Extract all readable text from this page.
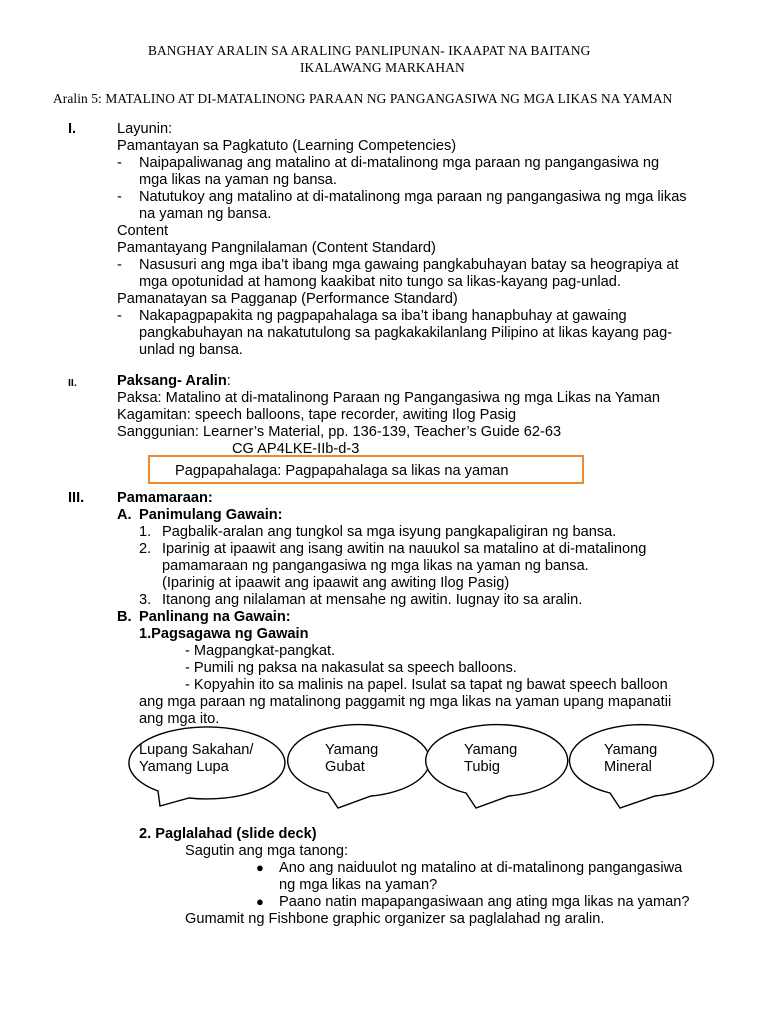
BANGHAY ARALIN SA ARALING PANLIPUNAN- IKAAPAT NA BAITANG
IKALAWANG MARKAHAN
Aralin 5: MATALINO AT DI-MATALINONG PARAAN NG PANGANGASIWA NG MGA LIKAS NA YAMAN
I.	Layunin:
Pamantayan sa Pagkatuto (Learning Competencies)
- Naipapaliwanag ang matalino at di-matalinong mga paraan ng pangangasiwa ng
mga likas na yaman ng bansa.
- Natutukoy ang matalino at di-matalinong mga paraan ng pangangasiwa ng mga likas
na yaman ng bansa.
Content
Pamantayang Pangnilalaman (Content Standard)
- Nasusuri ang mga iba’t ibang mga gawaing pangkabuhayan batay sa heograpiya at
mga opotunidad at hamong kaakibat nito tungo sa likas-kayang pag-unlad.
Pamanatayan sa Pagganap (Performance Standard)
- Nakapagpapakita ng pagpapahalaga sa iba’t ibang hanapbuhay at gawaing
pangkabuhayan na nakatutulong sa pagkakakilanlang Pilipino at likas kayang pag-
unlad ng bansa.
II.	Paksang- Aralin:
Paksa: Matalino at di-matalinong Paraan ng Pangangasiwa ng mga Likas na Yaman
Kagamitan: speech balloons, tape recorder, awiting Ilog Pasig
Sanggunian: Learner’s Material, pp. 136-139, Teacher’s Guide 62-63
CG AP4LKE-IIb-d-3
Pagpapahalaga: Pagpapahalaga sa likas na yaman
III. Pamamaraan:
A. Panimulang Gawain:
1. Pagbalik-aralan ang tungkol sa mga isyung pangkapaligiran ng bansa.
2. Iparinig at ipaawit ang isang awitin na nauukol sa matalino at di-matalinong
pamamaraan ng pangangasiwa ng mga likas na yaman ng bansa.
(Iparinig at ipaawit ang ipaawit ang awiting Ilog Pasig)
3. Itanong ang nilalaman at mensahe ng awitin. Iugnay ito sa aralin.
B. Panlinang na Gawain:
1.Pagsagawa ng Gawain
- Magpangkat-pangkat.
- Pumili ng paksa na nakasulat sa speech balloons.
- Kopyahin ito sa malinis na papel. Isulat sa tapat ng bawat speech balloon
ang mga paraan ng matalinong paggamit ng mga likas na yaman upang mapanatii
ang mga ito.
Lupang Sakahan/
Yamang Lupa
Yamang
Gubat
Yamang
Tubig
Yamang
Mineral
2. Paglalahad (slide deck)
Sagutin ang mga tanong:
● Ano ang naiduulot ng matalino at di-matalinong pangangasiwa
ng mga likas na yaman?
● Paano natin mapapangasiwaan ang ating mga likas na yaman?
Gumamit ng Fishbone graphic organizer sa paglalahad ng aralin.
